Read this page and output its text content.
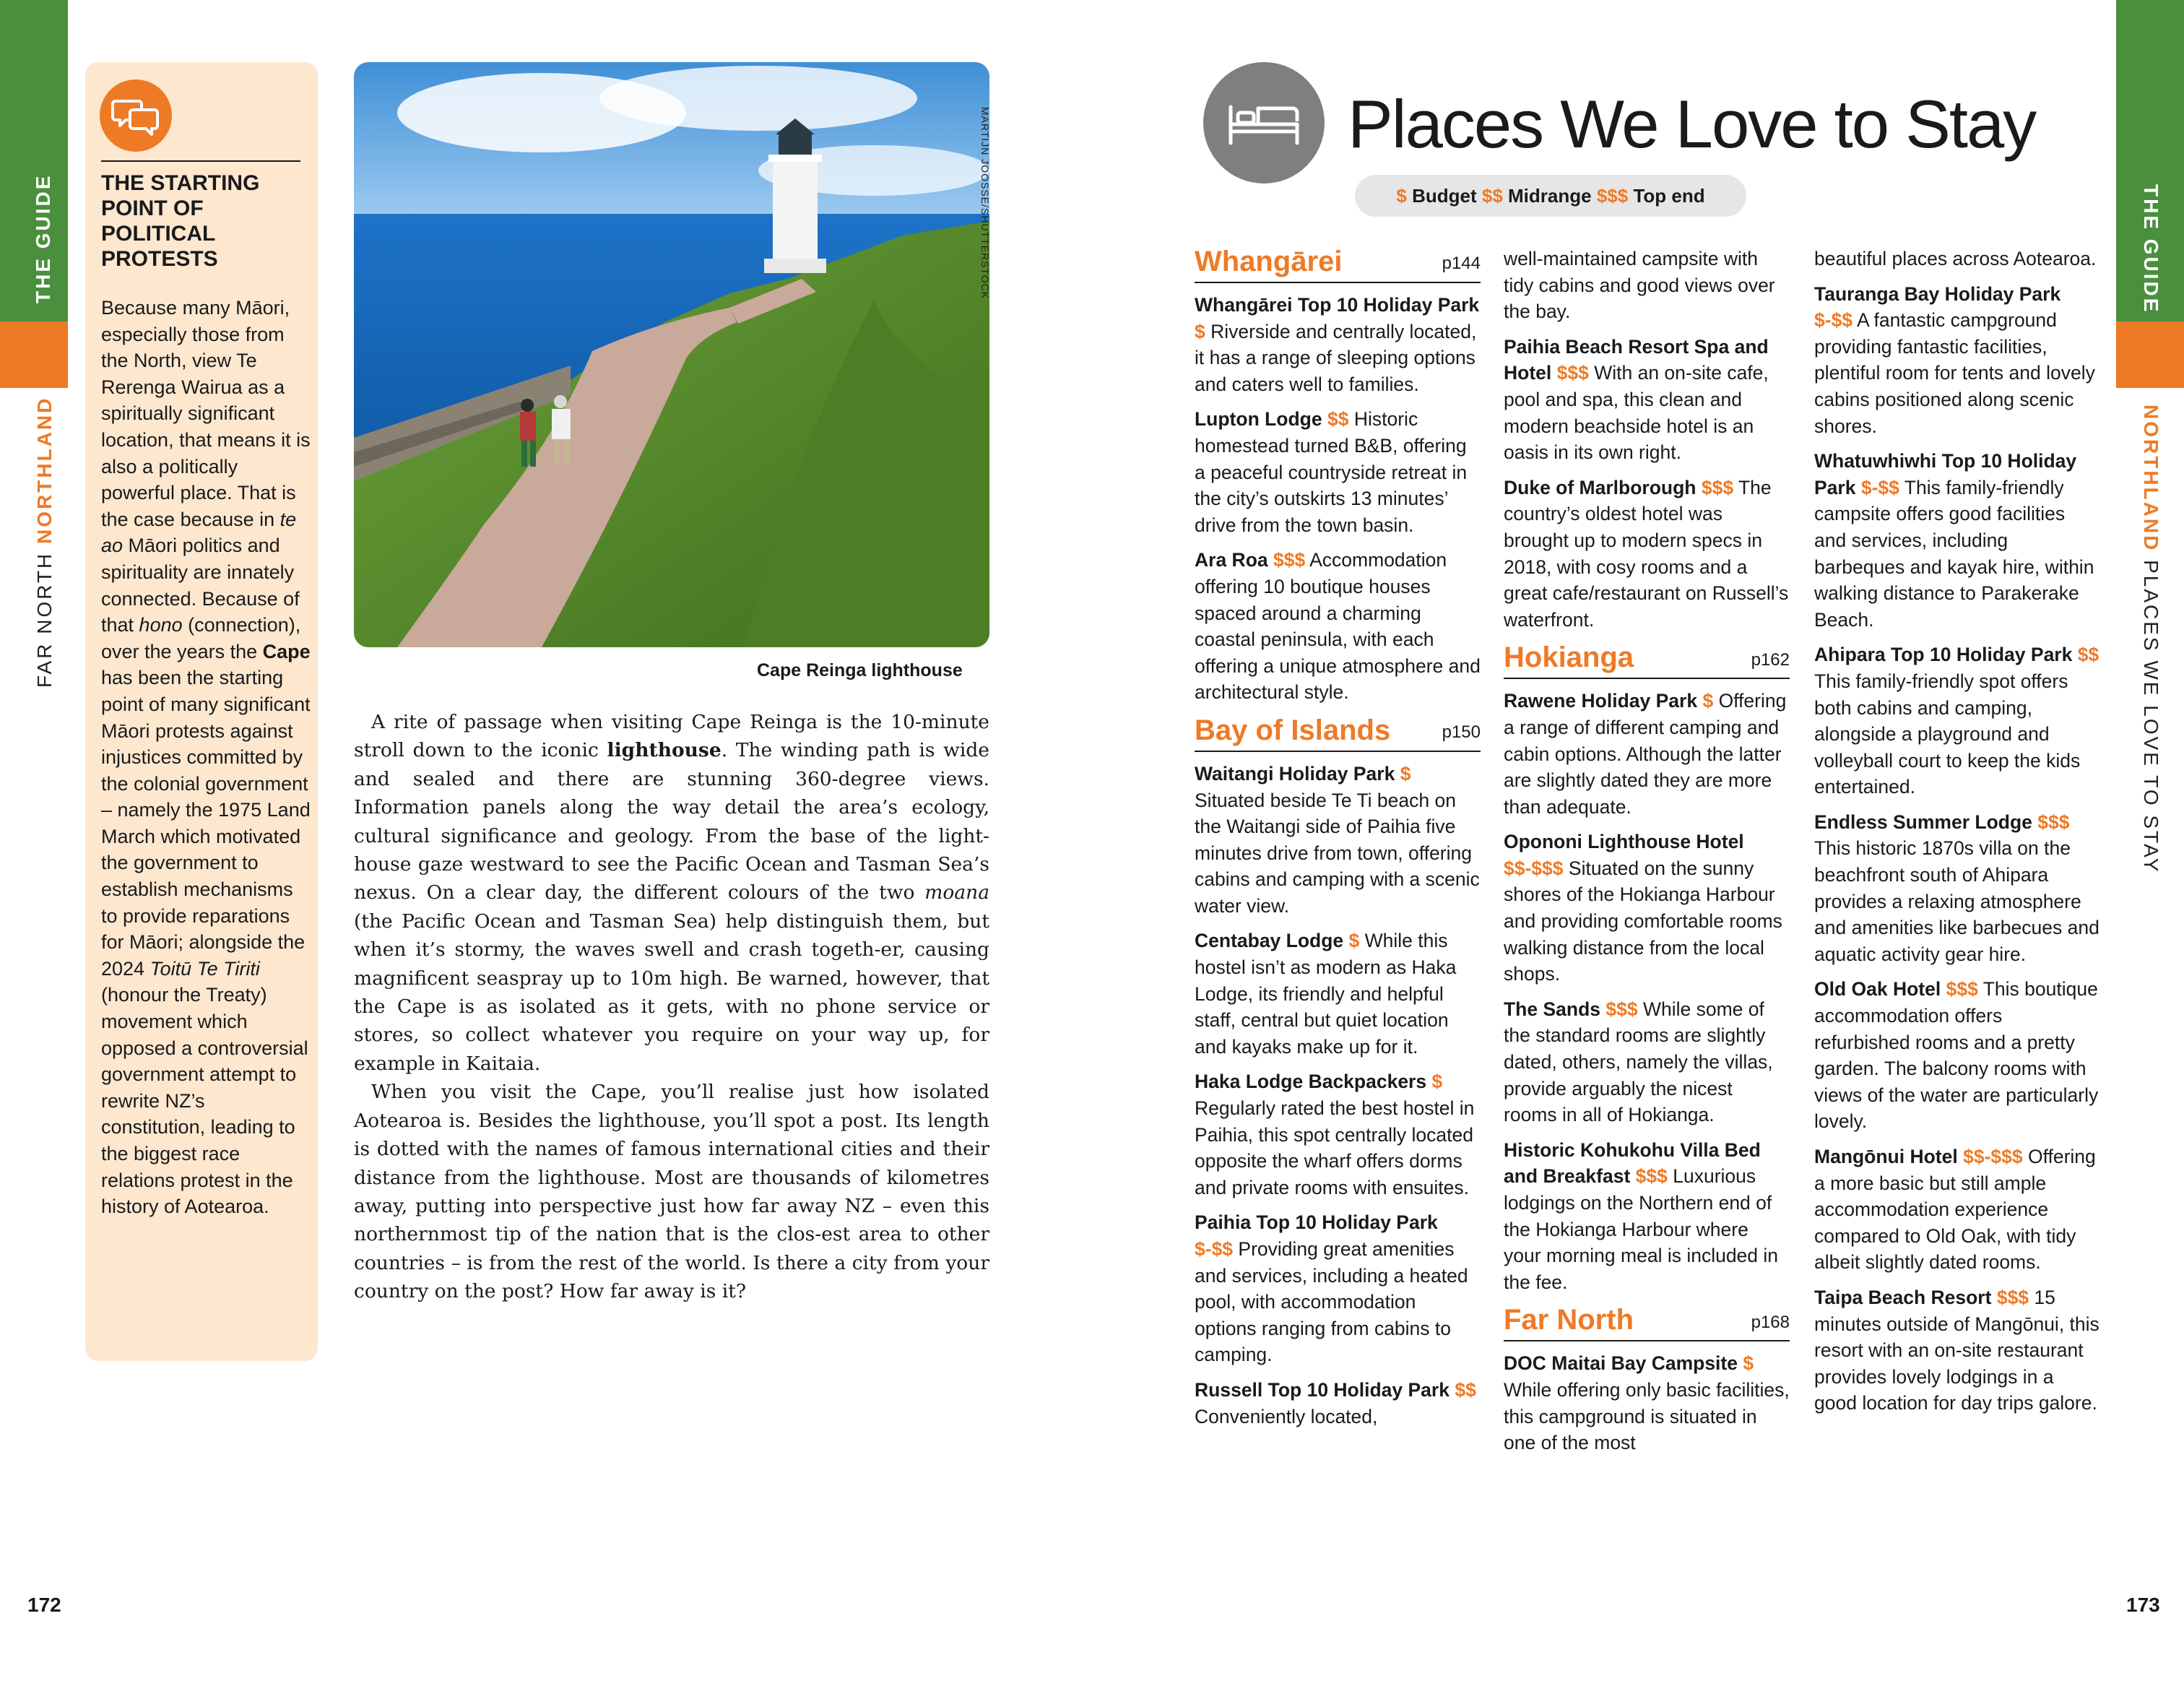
THE GUIDE
FAR NORTH NORTHLAND
THE STARTING POINT OF POLITICAL PROTESTS

Because many Māori, especially those from the North, view Te Rerenga Wairua as a spiritually significant location, that means it is also a politically powerful place. That is the case because in te ao Māori politics and spirituality are innately connected. Because of that hono (connection), over the years the Cape has been the starting point of many significant Māori protests against injustices committed by the colonial government – namely the 1975 Land March which motivated the government to establish mechanisms to provide reparations for Māori; alongside the 2024 Toitū Te Tiriti (honour the Treaty) movement which opposed a controversial government attempt to rewrite NZ’s constitution, leading to the biggest race relations protest in the history of Aotearoa.

MARTIJN JOOSSE/SHUTTERSTOCK

Cape Reinga lighthouse

A rite of passage when visiting Cape Reinga is the 10-minute stroll down to the iconic lighthouse. The winding path is wide and sealed and there are stunning 360-degree views. Information panels along the way detail the area’s ecology, cultural significance and geology. From the base of the light-house gaze westward to see the Pacific Ocean and Tasman Sea’s nexus. On a clear day, the different colours of the two moana (the Pacific Ocean and Tasman Sea) help distinguish them, but when it’s stormy, the waves swell and crash togeth-er, causing magnificent seaspray up to 10m high. Be warned, however, that the Cape is as isolated as it gets, with no phone service or stores, so collect whatever you require on your way up, for example in Kaitaia.

When you visit the Cape, you’ll realise just how isolated Aotearoa is. Besides the lighthouse, you’ll spot a post. Its length is dotted with the names of famous international cities and their distance from the lighthouse. Most are thousands of kilometres away, putting into perspective just how far away NZ – even this northernmost tip of the nation that is the clos-est area to other countries – is from the rest of the world. Is there a city from your country on the post? How far away is it?

172
THE GUIDE
NORTHLAND PLACES WE LOVE TO STAY
Places We Love to Stay
$ Budget $$ Midrange $$$ Top end
Whangārei	p144

Whangārei Top 10 Holiday Park $ Riverside and centrally located, it has a range of sleeping options and caters well to families.

Lupton Lodge $$ Historic homestead turned B&B, offering a peaceful countryside retreat in the city’s outskirts 13 minutes’ drive from the town basin.

Ara Roa $$$ Accommodation offering 10 boutique houses spaced around a charming coastal peninsula, with each offering a unique atmosphere and architectural style.

Bay of Islands	p150

Waitangi Holiday Park $ Situated beside Te Ti beach on the Waitangi side of Paihia five minutes drive from town, offering cabins and camping with a scenic water view.

Centabay Lodge $ While this hostel isn’t as modern as Haka Lodge, its friendly and helpful staff, central but quiet location and kayaks make up for it.

Haka Lodge Backpackers $ Regularly rated the best hostel in Paihia, this spot centrally located opposite the wharf offers dorms and private rooms with ensuites.

Paihia Top 10 Holiday Park $-$$ Providing great amenities and services, including a heated pool, with accommodation options ranging from cabins to camping.

Russell Top 10 Holiday Park $$ Conveniently located,

well-maintained campsite with tidy cabins and good views over the bay.

Paihia Beach Resort Spa and Hotel $$$ With an on-site cafe, pool and spa, this clean and modern beachside hotel is an oasis in its own right.

Duke of Marlborough $$$ The country’s oldest hotel was brought up to modern specs in 2018, with cosy rooms and a great cafe/restaurant on Russell’s waterfront.

Hokianga	p162

Rawene Holiday Park $ Offering a range of different camping and cabin options. Although the latter are slightly dated they are more than adequate.

Opononi Lighthouse Hotel $$-$$$ Situated on the sunny shores of the Hokianga Harbour and providing comfortable rooms walking distance from the local shops.

The Sands $$$ While some of the standard rooms are slightly dated, others, namely the villas, provide arguably the nicest rooms in all of Hokianga.

Historic Kohukohu Villa Bed and Breakfast $$$ Luxurious lodgings on the Northern end of the Hokianga Harbour where your morning meal is included in the fee.

Far North	p168

DOC Maitai Bay Campsite $ While offering only basic facilities, this campground is situated in one of the most

beautiful places across Aotearoa.

Tauranga Bay Holiday Park $-$$ A fantastic campground providing fantastic facilities, plentiful room for tents and lovely cabins positioned along scenic shores.

Whatuwhiwhi Top 10 Holiday Park $-$$ This family-friendly campsite offers good facilities and services, including barbeques and kayak hire, within walking distance to Parakerake Beach.

Ahipara Top 10 Holiday Park $$ This family-friendly spot offers both cabins and camping, alongside a playground and volleyball court to keep the kids entertained.

Endless Summer Lodge $$$ This historic 1870s villa on the beachfront south of Ahipara provides a relaxing atmosphere and amenities like barbecues and aquatic activity gear hire.

Old Oak Hotel $$$ This boutique accommodation offers refurbished rooms and a pretty garden. The balcony rooms with views of the water are particularly lovely.

Mangōnui Hotel $$-$$$ Offering a more basic but still ample accommodation experience compared to Old Oak, with tidy albeit slightly dated rooms.

Taipa Beach Resort $$$ 15 minutes outside of Mangōnui, this resort with an on-site restaurant provides lovely lodgings in a good location for day trips galore.

173
